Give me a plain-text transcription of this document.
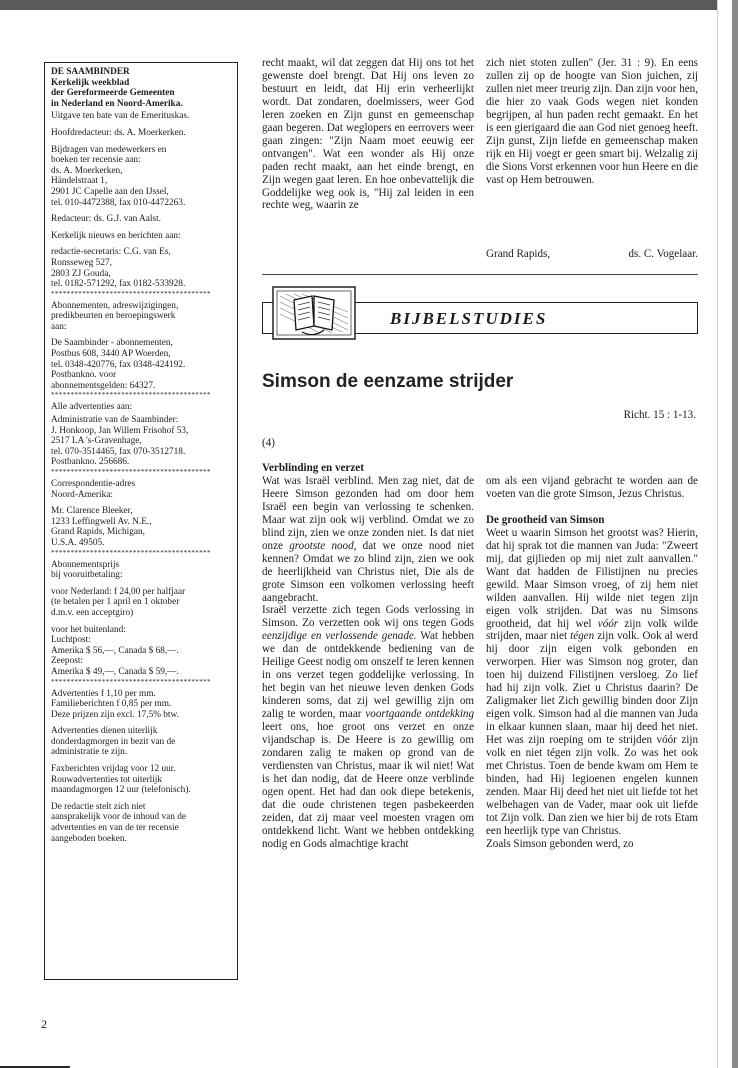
DE SAAMBINDER
Kerkelijk weekblad
der Gereformeerde Gemeenten
in Nederland en Noord-Amerika.
Uitgave ten bate van de Emerituskas.
Hoofdredacteur: ds. A. Moerkerken.
Bijdragen van medewerkers en
boeken ter recensie aan:
ds. A. Moerkerken,
Händelstraat 1,
2901 JC Capelle aan den IJssel,
tel. 010-4472388, fax 010-4472263.
Redacteur: ds. G.J. van Aalst.
Kerkelijk nieuws en berichten aan:
redactie-secretaris: C.G. van Es,
Ronsseweg 527,
2803 ZJ Gouda,
tel. 0182-571292, fax 0182-533928.
*****************************************
Abonnementen, adreswijzigingen,
predikbeurten en beroepingswerk
aan:
De Saambinder - abonnementen,
Postbus 608, 3440 AP Woerden,
tel. 0348-420776, fax 0348-424192.
Postbankno. voor
abonnementsgelden: 64327.
*****************************************
Alle advertenties aan:
Administratie van de Saambinder:
J. Honkoop, Jan Willem Frisohof 53,
2517 LA 's-Gravenhage,
tel. 070-3514465, fax 070-3512718.
Postbankno. 256686.
*****************************************
Correspondentie-adres
Noord-Amerika:
Mr. Clarence Bleeker,
1233 Leffingwell Av. N.E.,
Grand Rapids, Michigan,
U.S.A. 49505.
*****************************************
Abonnementsprijs
bij vooruitbetaling:
voor Nederland: f 24,00 per halfjaar
(te betalen per 1 april en 1 oktober
d.m.v. een acceptgiro)
voor het buitenland:
Luchtpost:
Amerika $ 56,—, Canada $ 68,—.
Zeepost:
Amerika $ 49,—, Canada $ 59,—.
*****************************************
Advertenties f 1,10 per mm.
Familieberichten f 0,85 per mm.
Deze prijzen zijn excl. 17,5% btw.
Advertenties dienen uiterlijk
donderdagmorgen in bezit van de
administratie te zijn.
Faxberichten vrijdag voor 12 uur.
Rouwadvertenties tot uiterlijk
maandagmorgen 12 uur (telefonisch).
De redactie stelt zich niet
aansprakelijk voor de inhoud van de
advertenties en van de ter recensie
aangeboden boeken.

recht maakt, wil dat zeggen dat Hij ons tot het gewenste doel brengt. Dat Hij ons leven zo bestuurt en leidt, dat Hij erin verheerlijkt wordt. Dat zondaren, doelmissers, weer God leren zoeken en Zijn gunst en gemeenschap gaan begeren. Dat weglopers en eerrovers weer gaan zingen: "Zijn Naam moet eeuwig eer ontvangen". Wat een wonder als Hij onze paden recht maakt, aan het einde brengt, en Zijn wegen gaat leren. En hoe onbevattelijk die Goddelijke weg ook is, "Hij zal leiden in een rechte weg, waarin ze

zich niet stoten zullen" (Jer. 31 : 9). En eens zullen zij op de hoogte van Sion juichen, zij zullen niet meer treurig zijn. Dan zijn voor hen, die hier zo vaak Gods wegen niet konden begrijpen, al hun paden recht gemaakt. En het is een gierigaard die aan God niet genoeg heeft. Zijn gunst, Zijn liefde en gemeenschap maken rijk en Hij voegt er geen smart bij. Welzalig zij die Sions Vorst erkennen voor hun Heere en die vast op Hem betrouwen.

Grand Rapids,	ds. C. Vogelaar.
BIJBELSTUDIES
Simson de eenzame strijder
Richt. 15 : 1-13.
(4)

Verblinding en verzet

Wat was Israël verblind. Men zag niet, dat de Heere Simson gezonden had om door hem Israël een begin van verlossing te schenken. Maar wat zijn ook wij verblind. Omdat we zo blind zijn, zien we onze zonden niet. Is dat niet onze grootste nood, dat we onze nood niet kennen? Omdat we zo blind zijn, zien we ook de heerlijkheid van Christus niet, Die als de grote Simson een volkomen verlossing heeft aangebracht.
Israël verzette zich tegen Gods verlossing in Simson. Zo verzetten ook wij ons tegen Gods eenzijdige en verlossende genade. Wat hebben we dan de ontdekkende bediening van de Heilige Geest nodig om onszelf te leren kennen in ons verzet tegen goddelijke verlossing. In het begin van het nieuwe leven denken Gods kinderen soms, dat zij wel gewillig zijn om zalig te worden, maar voortgaande ontdekking leert ons, hoe groot ons verzet en onze vijandschap is. De Heere is zo gewillig om zondaren zalig te maken op grond van de verdiensten van Christus, maar ik wil niet! Wat is het dan nodig, dat de Heere onze verblinde ogen opent. Het had dan ook diepe betekenis, dat die oude christenen tegen pasbekeerden zeiden, dat zij maar veel moesten vragen om ontdekkend licht. Want we hebben ontdekking nodig en Gods almachtige kracht

om als een vijand gebracht te worden aan de voeten van die grote Simson, Jezus Christus.

De grootheid van Simson

Weet u waarin Simson het grootst was? Hierin, dat hij sprak tot die mannen van Juda: "Zweert mij, dat gijlieden op mij niet zult aanvallen." Want dat hadden de Filistijnen nu precies gewild. Maar Simson vroeg, of zij hem niet wilden aanvallen. Hij wilde niet tegen zijn eigen volk strijden. Dat was nu Simsons grootheid, dat hij wel vóór zijn volk wilde strijden, maar niet tégen zijn volk. Ook al werd hij door zijn eigen volk gebonden en verworpen. Hier was Simson nog groter, dan toen hij duizend Filistijnen versloeg. Zo lief had hij zijn volk. Ziet u Christus daarin? De Zaligmaker liet Zich gewillig binden door Zijn eigen volk. Simson had al die mannen van Juda in elkaar kunnen slaan, maar hij deed het niet. Het was zijn roeping om te strijden vóór zijn volk en niet tégen zijn volk. Zo was het ook met Christus. Toen de bende kwam om Hem te binden, had Hij legioenen engelen kunnen zenden. Maar Hij deed het niet uit liefde tot het welbehagen van de Vader, maar ook uit liefde tot Zijn volk. Dan zien we hier bij de rots Etam een heerlijk type van Christus.
Zoals Simson gebonden werd, zo

2
